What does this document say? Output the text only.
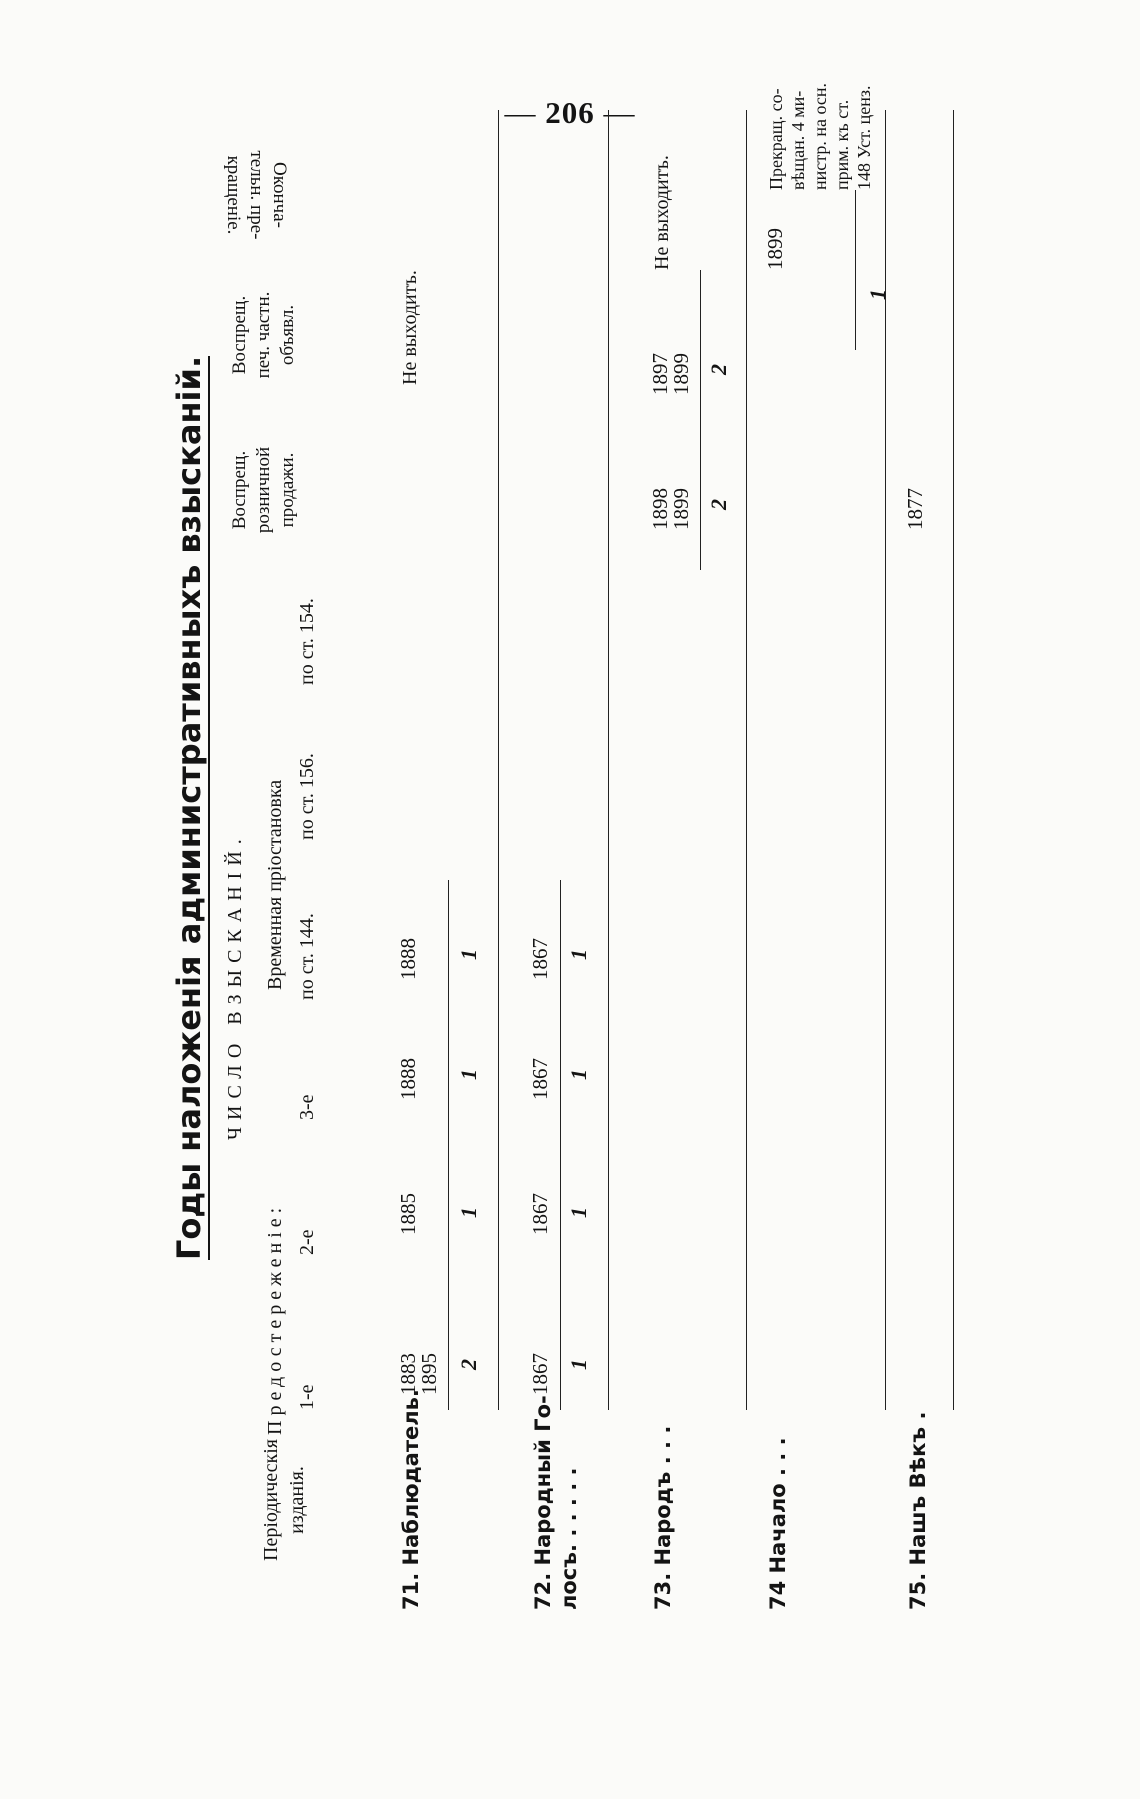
— 206 —
Годы наложенія административныхъ взысканій.
Періодическія
изданія.
ЧИСЛО ВЗЫСКАНІЙ.
Предостереженіе:
Временная пріостановка
1-е
2-е
3-е
по ст. 144.
по ст. 156.
по ст. 154.
Воспрещ.
розничной
продажи.
Воспрещ.
печ. частн.
объявл.
Оконча-
тельн. пре-
кращеніе.
71. Наблюдатель.
1883
1895
1885
1888
1888
Не выходитъ.
2
1
1
1
72. Народный Го-
лосъ. . . . . .
1867
1867
1867
1867
1
1
1
1
73. Народъ . . .
1898
1899
1897
1899
Не выходитъ.
2
2
74 Начало . . .
1899
Прекращ. со-
вѣщан. 4 ми-
нистр. на осн.
прим. къ ст.
148 Уст. ценз.
1
75. Нашъ Вѣкъ .
1877
